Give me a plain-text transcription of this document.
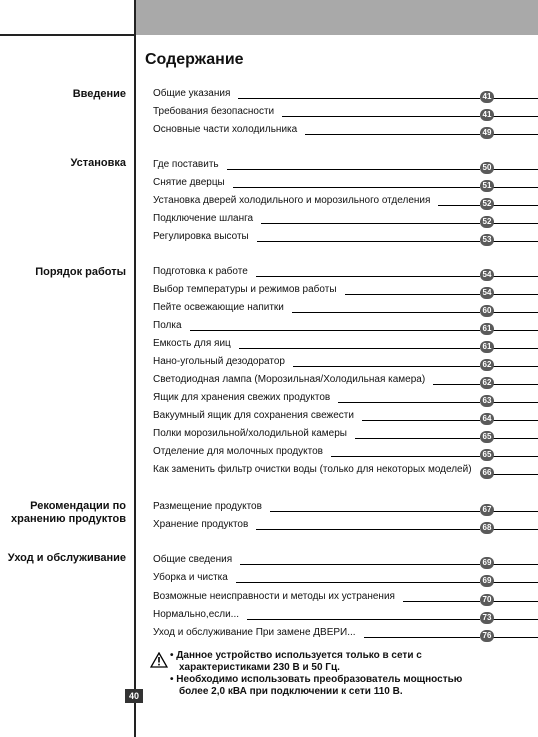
Содержание
Введение
Установка
Порядок работы
Рекомендации по хранению продуктов
Уход и обслуживание
Общие указания	41
Требования безопасности	41
Основные части холодильника	49
Где поставить	50
Снятие дверцы	51
Установка дверей холодильного и морозильного отделения	52
Подключение шланга	52
Регулировка высоты	53
Подготовка к работе	54
Выбор температуры и режимов работы	54
Пейте освежающие напитки	60
Полка	61
Емкость для яиц	61
Нано-угольный дезодоратор	62
Светодиодная лампа (Морозильная/Холодильная камера)	62
Ящик для хранения свежих продуктов	63
Вакуумный ящик для сохранения свежести	64
Полки морозильной/холодильной камеры	65
Отделение для молочных продуктов	65
Как заменить фильтр очистки воды (только для некоторых моделей)	66
Размещение продуктов	67
Хранение продуктов	68
Общие сведения	69
Уборка и чистка	69
Возможные неисправности и методы их устранения	70
Нормально,если...	73
Уход и обслуживание При замене ДВЕРИ...	76
• Данное устройство используется только в сети с
характеристиками 230 В и 50 Гц.
• Необходимо использовать преобразователь мощностью
более 2,0 кВА при подключении к сети 110 В.
40
